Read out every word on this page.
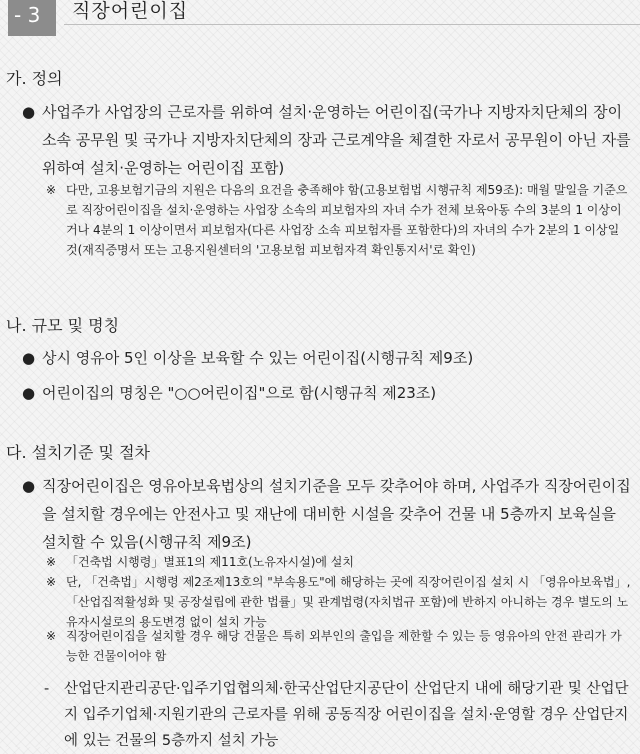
- 3	직장어린이집
가. 정의
● 사업주가 사업장의 근로자를 위하여 설치·운영하는 어린이집(국가나 지방자치단체의 장이 소속 공무원 및 국가나 지방자치단체의 장과 근로계약을 체결한 자로서 공무원이 아닌 자를 위하여 설치·운영하는 어린이집 포함)
※ 다만, 고용보험기금의 지원은 다음의 요건을 충족해야 함(고용보험법 시행규칙 제59조): 매월 말일을 기준으로 직장어린이집을 설치·운영하는 사업장 소속의 피보험자의 자녀 수가 전체 보육아동 수의 3분의 1 이상이거나 4분의 1 이상이면서 피보험자(다른 사업장 소속 피보험자를 포함한다)의 자녀의 수가 2분의 1 이상일 것(재직증명서 또는 고용지원센터의 '고용보험 피보험자격 확인통지서'로 확인)
나. 규모 및 명칭
● 상시 영유아 5인 이상을 보육할 수 있는 어린이집(시행규칙 제9조)
● 어린이집의 명칭은 "○○어린이집"으로 함(시행규칙 제23조)
다. 설치기준 및 절차
● 직장어린이집은 영유아보육법상의 설치기준을 모두 갖추어야 하며, 사업주가 직장어린이집을 설치할 경우에는 안전사고 및 재난에 대비한 시설을 갖추어 건물 내 5층까지 보육실을 설치할 수 있음(시행규칙 제9조)
※ 「건축법 시행령」별표1의 제11호(노유자시설)에 설치
※ 단, 「건축법」시행령 제2조제13호의 "부속용도"에 해당하는 곳에 직장어린이집 설치 시 「영유아보육법」, 「산업집적활성화 및 공장설립에 관한 법률」및 관계법령(자치법규 포함)에 반하지 아니하는 경우 별도의 노유자시설로의 용도변경 없이 설치 가능
※ 직장어린이집을 설치할 경우 해당 건물은 특히 외부인의 출입을 제한할 수 있는 등 영유아의 안전 관리가 가능한 건물이어야 함
-	산업단지관리공단·입주기업협의체·한국산업단지공단이 산업단지 내에 해당기관 및 산업단지 입주기업체·지원기관의 근로자를 위해 공동직장 어린이집을 설치·운영할 경우 산업단지에 있는 건물의 5층까지 설치 가능
